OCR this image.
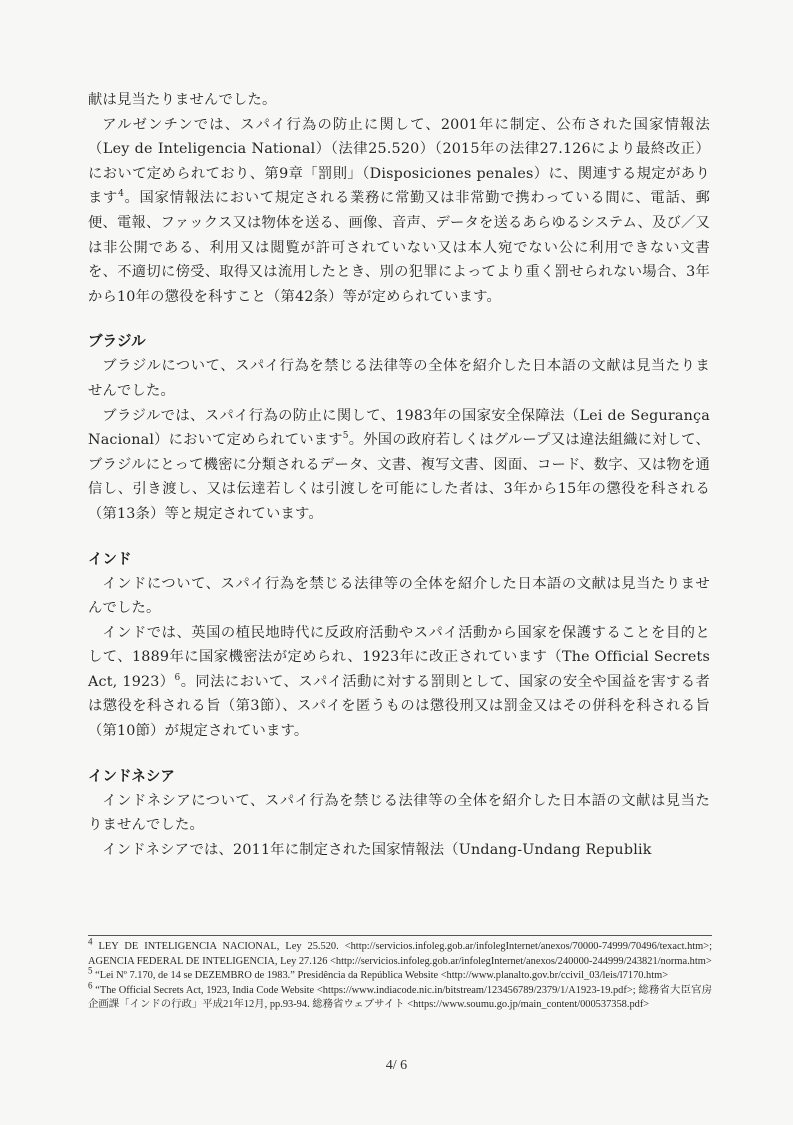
献は見当たりませんでした。

アルゼンチンでは、スパイ行為の防止に関して、2001年に制定、公布された国家情報法（Ley de Inteligencia National）（法律25.520）（2015年の法律27.126により最終改正）において定められており、第9章「罰則」（Disposiciones penales）に、関連する規定があります$^4$。国家情報法において規定される業務に常勤又は非常勤で携わっている間に、電話、郵便、電報、ファックス又は物体を送る、画像、音声、データを送るあらゆるシステム、及び／又は非公開である、利用又は閲覧が許可されていない又は本人宛でない公に利用できない文書を、不適切に傍受、取得又は流用したとき、別の犯罪によってより重く罰せられない場合、3年から10年の懲役を科すこと（第42条）等が定められています。

ブラジル

ブラジルについて、スパイ行為を禁じる法律等の全体を紹介した日本語の文献は見当たりませんでした。

ブラジルでは、スパイ行為の防止に関して、1983年の国家安全保障法（Lei de Segurança Nacional）において定められています$^5$。外国の政府若しくはグループ又は違法組織に対して、ブラジルにとって機密に分類されるデータ、文書、複写文書、図面、コード、数字、又は物を通信し、引き渡し、又は伝達若しくは引渡しを可能にした者は、3年から15年の懲役を科される（第13条）等と規定されています。

インド

インドについて、スパイ行為を禁じる法律等の全体を紹介した日本語の文献は見当たりませんでした。

インドでは、英国の植民地時代に反政府活動やスパイ活動から国家を保護することを目的として、1889年に国家機密法が定められ、1923年に改正されています（The Official Secrets Act, 1923）$^6$。同法において、スパイ活動に対する罰則として、国家の安全や国益を害する者は懲役を科される旨（第3節）、スパイを匿うものは懲役刑又は罰金又はその併科を科される旨（第10節）が規定されています。

インドネシア

インドネシアについて、スパイ行為を禁じる法律等の全体を紹介した日本語の文献は見当たりませんでした。

インドネシアでは、2011年に制定された国家情報法（Undang-Undang Republik

$^4$ LEY DE INTELIGENCIA NACIONAL, Ley 25.520. <http://servicios.infoleg.gob.ar/infolegInternet/anexos/70000-74999/70496/texact.htm>; AGENCIA FEDERAL DE INTELIGENCIA, Ley 27.126 <http://servicios.infoleg.gob.ar/infolegInternet/anexos/240000-244999/243821/norma.htm>

$^5$ “Lei Nº 7.170, de 14 se DEZEMBRO de 1983.” Presidência da República Website <http://www.planalto.gov.br/ccivil_03/leis/l7170.htm>

$^6$ “The Official Secrets Act, 1923, India Code Website <https://www.indiacode.nic.in/bitstream/123456789/2379/1/A1923-19.pdf>; 総務省大臣官房企画課「インドの行政」平成21年12月, pp.93-94. 総務省ウェブサイト <https://www.soumu.go.jp/main_content/000537358.pdf>

4/ 6
